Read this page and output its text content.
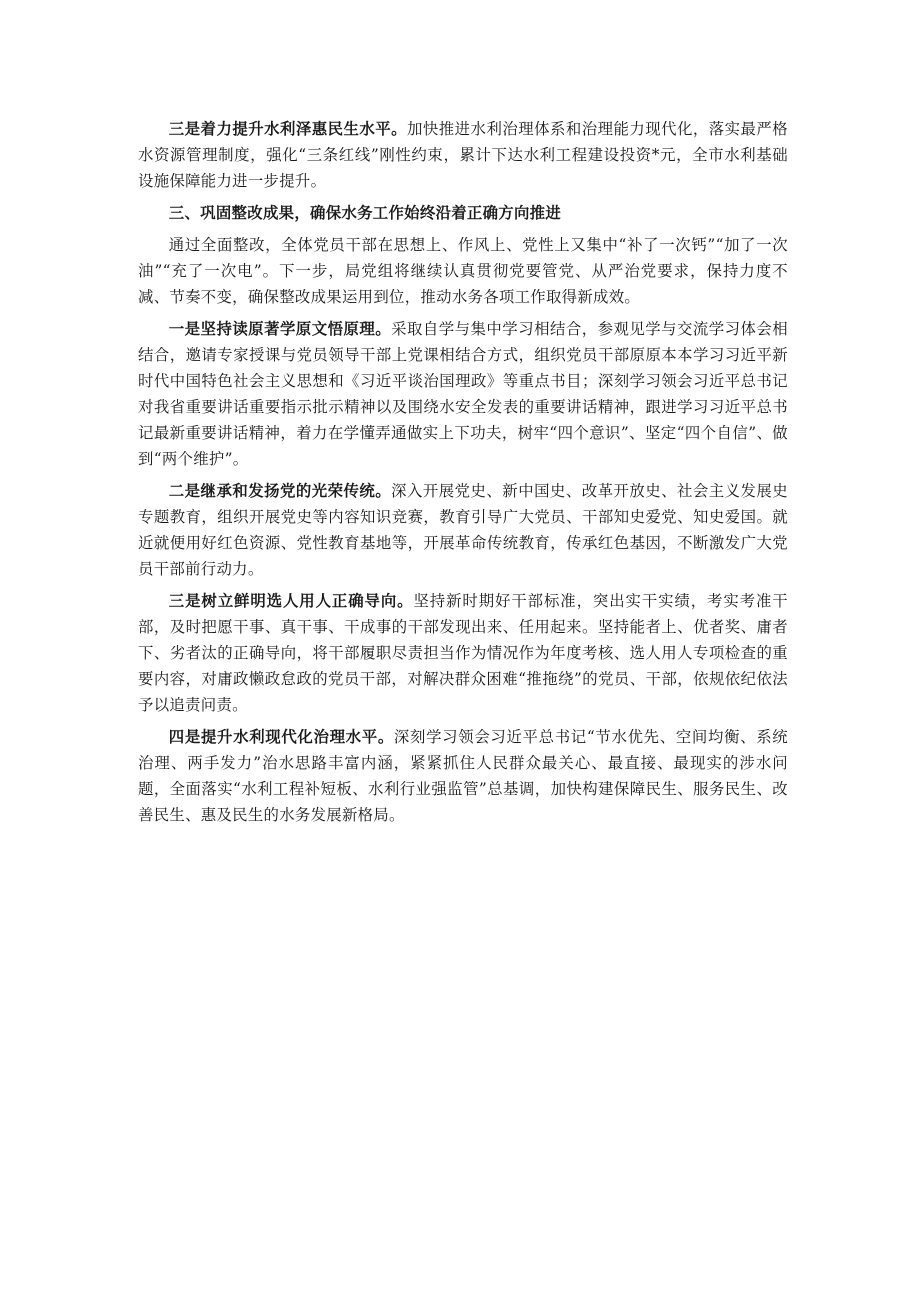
三是着力提升水利泽惠民生水平。加快推进水利治理体系和治理能力现代化，落实最严格水资源管理制度，强化“三条红线”刚性约束，累计下达水利工程建设投资*元，全市水利基础设施保障能力进一步提升。

三、巩固整改成果，确保水务工作始终沿着正确方向推进

通过全面整改，全体党员干部在思想上、作风上、党性上又集中“补了一次钙”“加了一次油”“充了一次电”。下一步，局党组将继续认真贯彻党要管党、从严治党要求，保持力度不减、节奏不变，确保整改成果运用到位，推动水务各项工作取得新成效。

一是坚持读原著学原文悟原理。采取自学与集中学习相结合，参观见学与交流学习体会相结合，邀请专家授课与党员领导干部上党课相结合方式，组织党员干部原原本本学习习近平新时代中国特色社会主义思想和《习近平谈治国理政》等重点书目；深刻学习领会习近平总书记对我省重要讲话重要指示批示精神以及围绕水安全发表的重要讲话精神，跟进学习习近平总书记最新重要讲话精神，着力在学懂弄通做实上下功夫，树牢“四个意识”、坚定“四个自信”、做到“两个维护”。

二是继承和发扬党的光荣传统。深入开展党史、新中国史、改革开放史、社会主义发展史专题教育，组织开展党史等内容知识竞赛，教育引导广大党员、干部知史爱党、知史爱国。就近就便用好红色资源、党性教育基地等，开展革命传统教育，传承红色基因，不断激发广大党员干部前行动力。

三是树立鲜明选人用人正确导向。坚持新时期好干部标准，突出实干实绩，考实考准干部，及时把愿干事、真干事、干成事的干部发现出来、任用起来。坚持能者上、优者奖、庸者下、劣者汰的正确导向，将干部履职尽责担当作为情况作为年度考核、选人用人专项检查的重要内容，对庸政懒政怠政的党员干部，对解决群众困难“推拖绕”的党员、干部，依规依纪依法予以追责问责。

四是提升水利现代化治理水平。深刻学习领会习近平总书记“节水优先、空间均衡、系统治理、两手发力”治水思路丰富内涵，紧紧抓住人民群众最关心、最直接、最现实的涉水问题，全面落实“水利工程补短板、水利行业强监管”总基调，加快构建保障民生、服务民生、改善民生、惠及民生的水务发展新格局。
